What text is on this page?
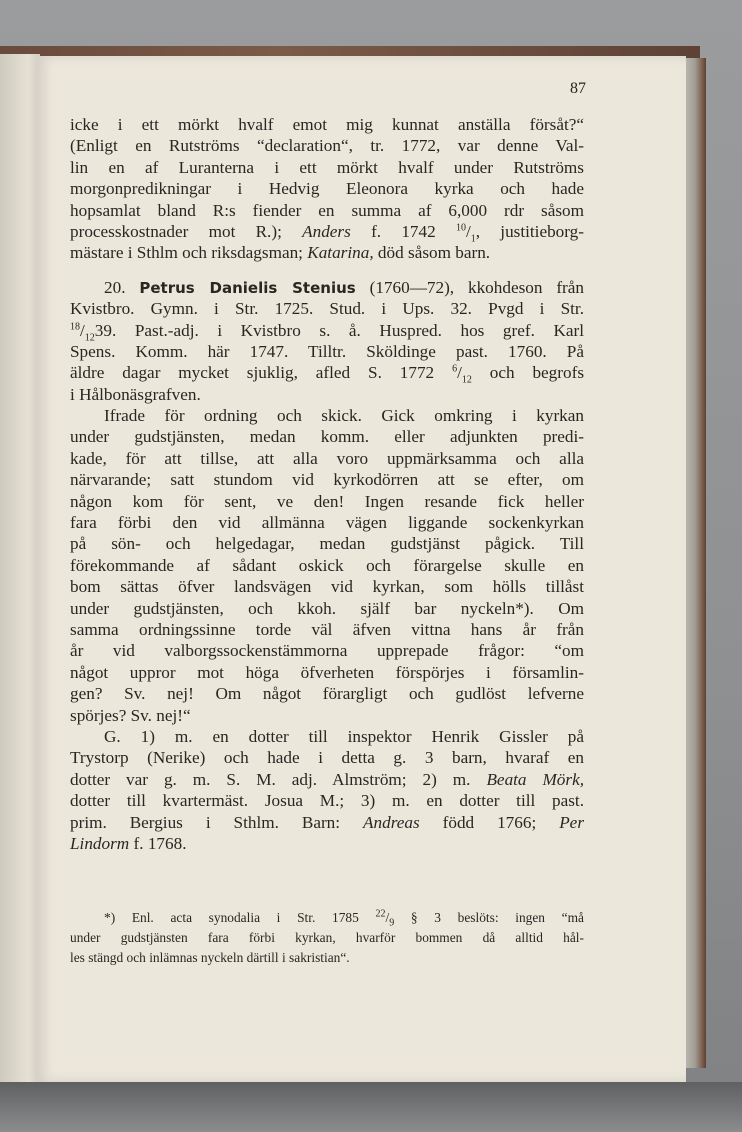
87
icke i ett mörkt hvalf emot mig kunnat anställa försåt?“
(Enligt en Rutströms “declaration“, tr. 1772, var denne Val-
lin en af Luranterna i ett mörkt hvalf under Rutströms
morgonpredikningar i Hedvig Eleonora kyrka och hade
hopsamlat bland R:s fiender en summa af 6,000 rdr såsom
processkostnader mot R.); Anders f. 1742 $^{10}/_1$, justitieborg-
mästare i Sthlm och riksdagsman; Katarina, död såsom barn.
20. Petrus Danielis Stenius (1760—72), kkohdeson från
Kvistbro. Gymn. i Str. 1725. Stud. i Ups. 32. Pvgd i Str.
$^{18}/_{12}39$. Past.-adj. i Kvistbro s. å. Huspred. hos gref. Karl
Spens. Komm. här 1747. Tilltr. Sköldinge past. 1760. På
äldre dagar mycket sjuklig, afled S. 1772 $^6/_{12}$ och begrofs
i Hålbonäsgrafven.
Ifrade för ordning och skick. Gick omkring i kyrkan
under gudstjänsten, medan komm. eller adjunkten predi-
kade, för att tillse, att alla voro uppmärksamma och alla
närvarande; satt stundom vid kyrkodörren att se efter, om
någon kom för sent, ve den! Ingen resande fick heller
fara förbi den vid allmänna vägen liggande sockenkyrkan
på sön- och helgedagar, medan gudstjänst pågick. Till
förekommande af sådant oskick och förargelse skulle en
bom sättas öfver landsvägen vid kyrkan, som hölls tillåst
under gudstjänsten, och kkoh. själf bar nyckeln*). Om
samma ordningssinne torde väl äfven vittna hans år från
år vid valborgssockenstämmorna upprepade frågor: “om
något uppror mot höga öfverheten förspörjes i församlin-
gen? Sv. nej! Om något förargligt och gudlöst lefverne
spörjes? Sv. nej!“
G. 1) m. en dotter till inspektor Henrik Gissler på
Trystorp (Nerike) och hade i detta g. 3 barn, hvaraf en
dotter var g. m. S. M. adj. Almström; 2) m. Beata Mörk,
dotter till kvartermäst. Josua M.; 3) m. en dotter till past.
prim. Bergius i Sthlm. Barn: Andreas född 1766; Per
Lindorm f. 1768.
*) Enl. acta synodalia i Str. 1785 $^{22}/_9$ § 3 beslöts: ingen “må
under gudstjänsten fara förbi kyrkan, hvarför bommen då alltid hål-
les stängd och inlämnas nyckeln därtill i sakristian“.
